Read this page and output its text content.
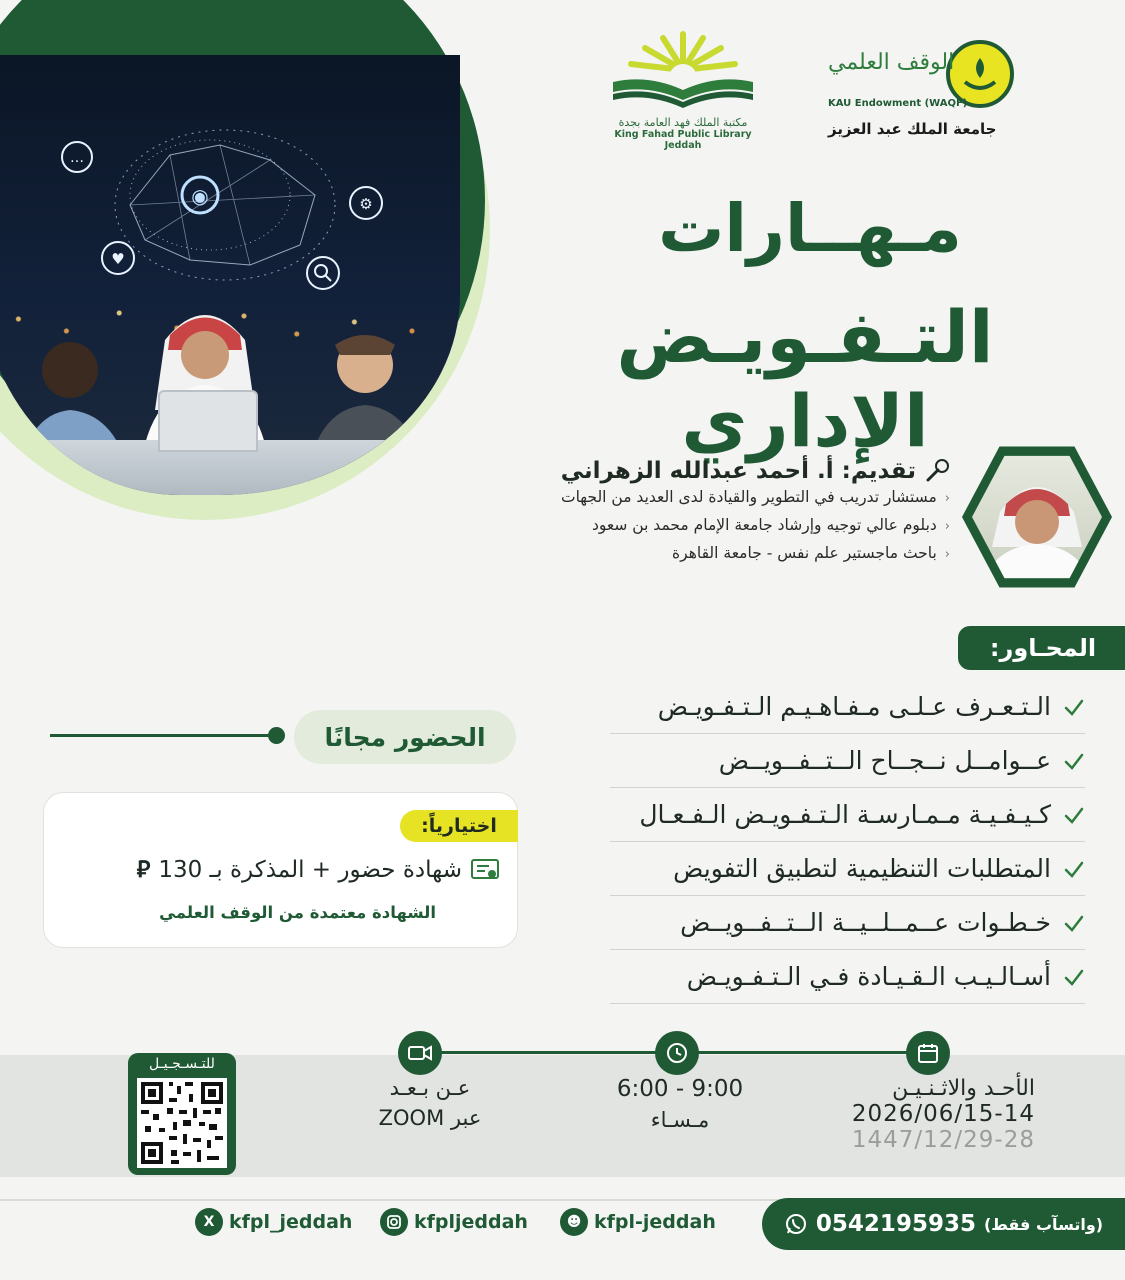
◉
…
♥
⚙
مكتبة الملك فهد العامة بجدة
King Fahad Public Library Jeddah
الوقف العلمي
KAU Endowment (WAQF)
جامعة الملك عبد العزيز
مـهــارات
التـفـويـض الإداري
تقديم: أ. أحمد عبدالله الزهراني
‹مستشار تدريب في التطوير والقيادة لدى العديد من الجهات
‹دبلوم عالي توجيه وإرشاد جامعة الإمام محمد بن سعود
‹باحث ماجستير علم نفس - جامعة القاهرة
المحـاور:
الـتـعـرف عـلـى مـفـاهـيـم الـتـفـويـض
عــوامــل نــجــاح الــتــفــويــض
كـيـفـيـة مـمـارسـة الـتـفـويـض الـفـعـال
المتطلبات التنظيمية لتطبيق التفويض
خـطـوات عــمــلــيــة الــتــفــويــض
أسـالـيـب الـقـيـادة فـي الـتـفـويـض
الحضور مجانًا
اختيارياً:
شهادة حضور + المذكرة بـ 130
⃁
الشهادة معتمدة من الوقف العلمي
الأحـد والاثـنـيـن
2026/06/15-14
1447/12/29-28
6:00 - 9:00
مـسـاء
عـن بـعـد
عبر ZOOM
للتـسـجـيـل
(واتسآب فقط)
0542195935
☻ kfpl-jeddah
kfpljeddah
X kfpl_jeddah
